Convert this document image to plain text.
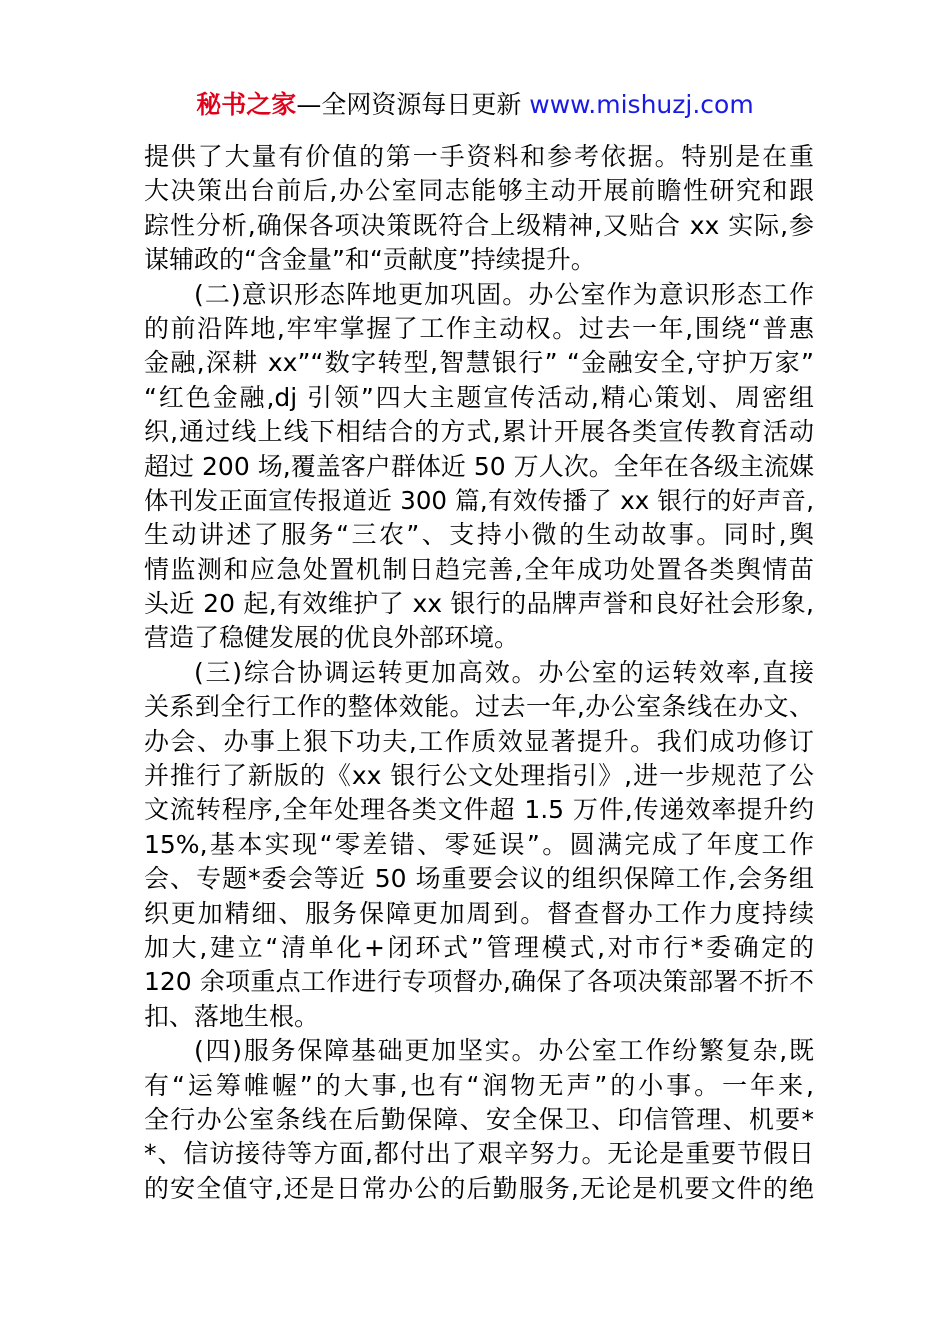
秘书之家—全网资源每日更新 www.mishuzj.com
提供了大量有价值的第一手资料和参考依据。特别是在重
大决策出台前后,办公室同志能够主动开展前瞻性研究和跟
踪性分析,确保各项决策既符合上级精神,又贴合 xx 实际,参
谋辅政的“含金量”和“贡献度”持续提升。
(二)意识形态阵地更加巩固。办公室作为意识形态工作
的前沿阵地,牢牢掌握了工作主动权。过去一年,围绕“普惠
金融,深耕 xx”“数字转型,智慧银行” “金融安全,守护万家”
“红色金融,dj 引领”四大主题宣传活动,精心策划、周密组
织,通过线上线下相结合的方式,累计开展各类宣传教育活动
超过 200 场,覆盖客户群体近 50 万人次。全年在各级主流媒
体刊发正面宣传报道近 300 篇,有效传播了 xx 银行的好声音,
生动讲述了服务“三农”、支持小微的生动故事。同时,舆
情监测和应急处置机制日趋完善,全年成功处置各类舆情苗
头近 20 起,有效维护了 xx 银行的品牌声誉和良好社会形象,
营造了稳健发展的优良外部环境。
(三)综合协调运转更加高效。办公室的运转效率,直接
关系到全行工作的整体效能。过去一年,办公室条线在办文、
办会、办事上狠下功夫,工作质效显著提升。我们成功修订
并推行了新版的《xx 银行公文处理指引》,进一步规范了公
文流转程序,全年处理各类文件超 1.5 万件,传递效率提升约
15%,基本实现“零差错、零延误”。圆满完成了年度工作
会、专题*委会等近 50 场重要会议的组织保障工作,会务组
织更加精细、服务保障更加周到。督查督办工作力度持续
加大,建立“清单化+闭环式”管理模式,对市行*委确定的
120 余项重点工作进行专项督办,确保了各项决策部署不折不
扣、落地生根。
(四)服务保障基础更加坚实。办公室工作纷繁复杂,既
有“运筹帷幄”的大事,也有“润物无声”的小事。一年来,
全行办公室条线在后勤保障、安全保卫、印信管理、机要*
*、信访接待等方面,都付出了艰辛努力。无论是重要节假日
的安全值守,还是日常办公的后勤服务,无论是机要文件的绝
